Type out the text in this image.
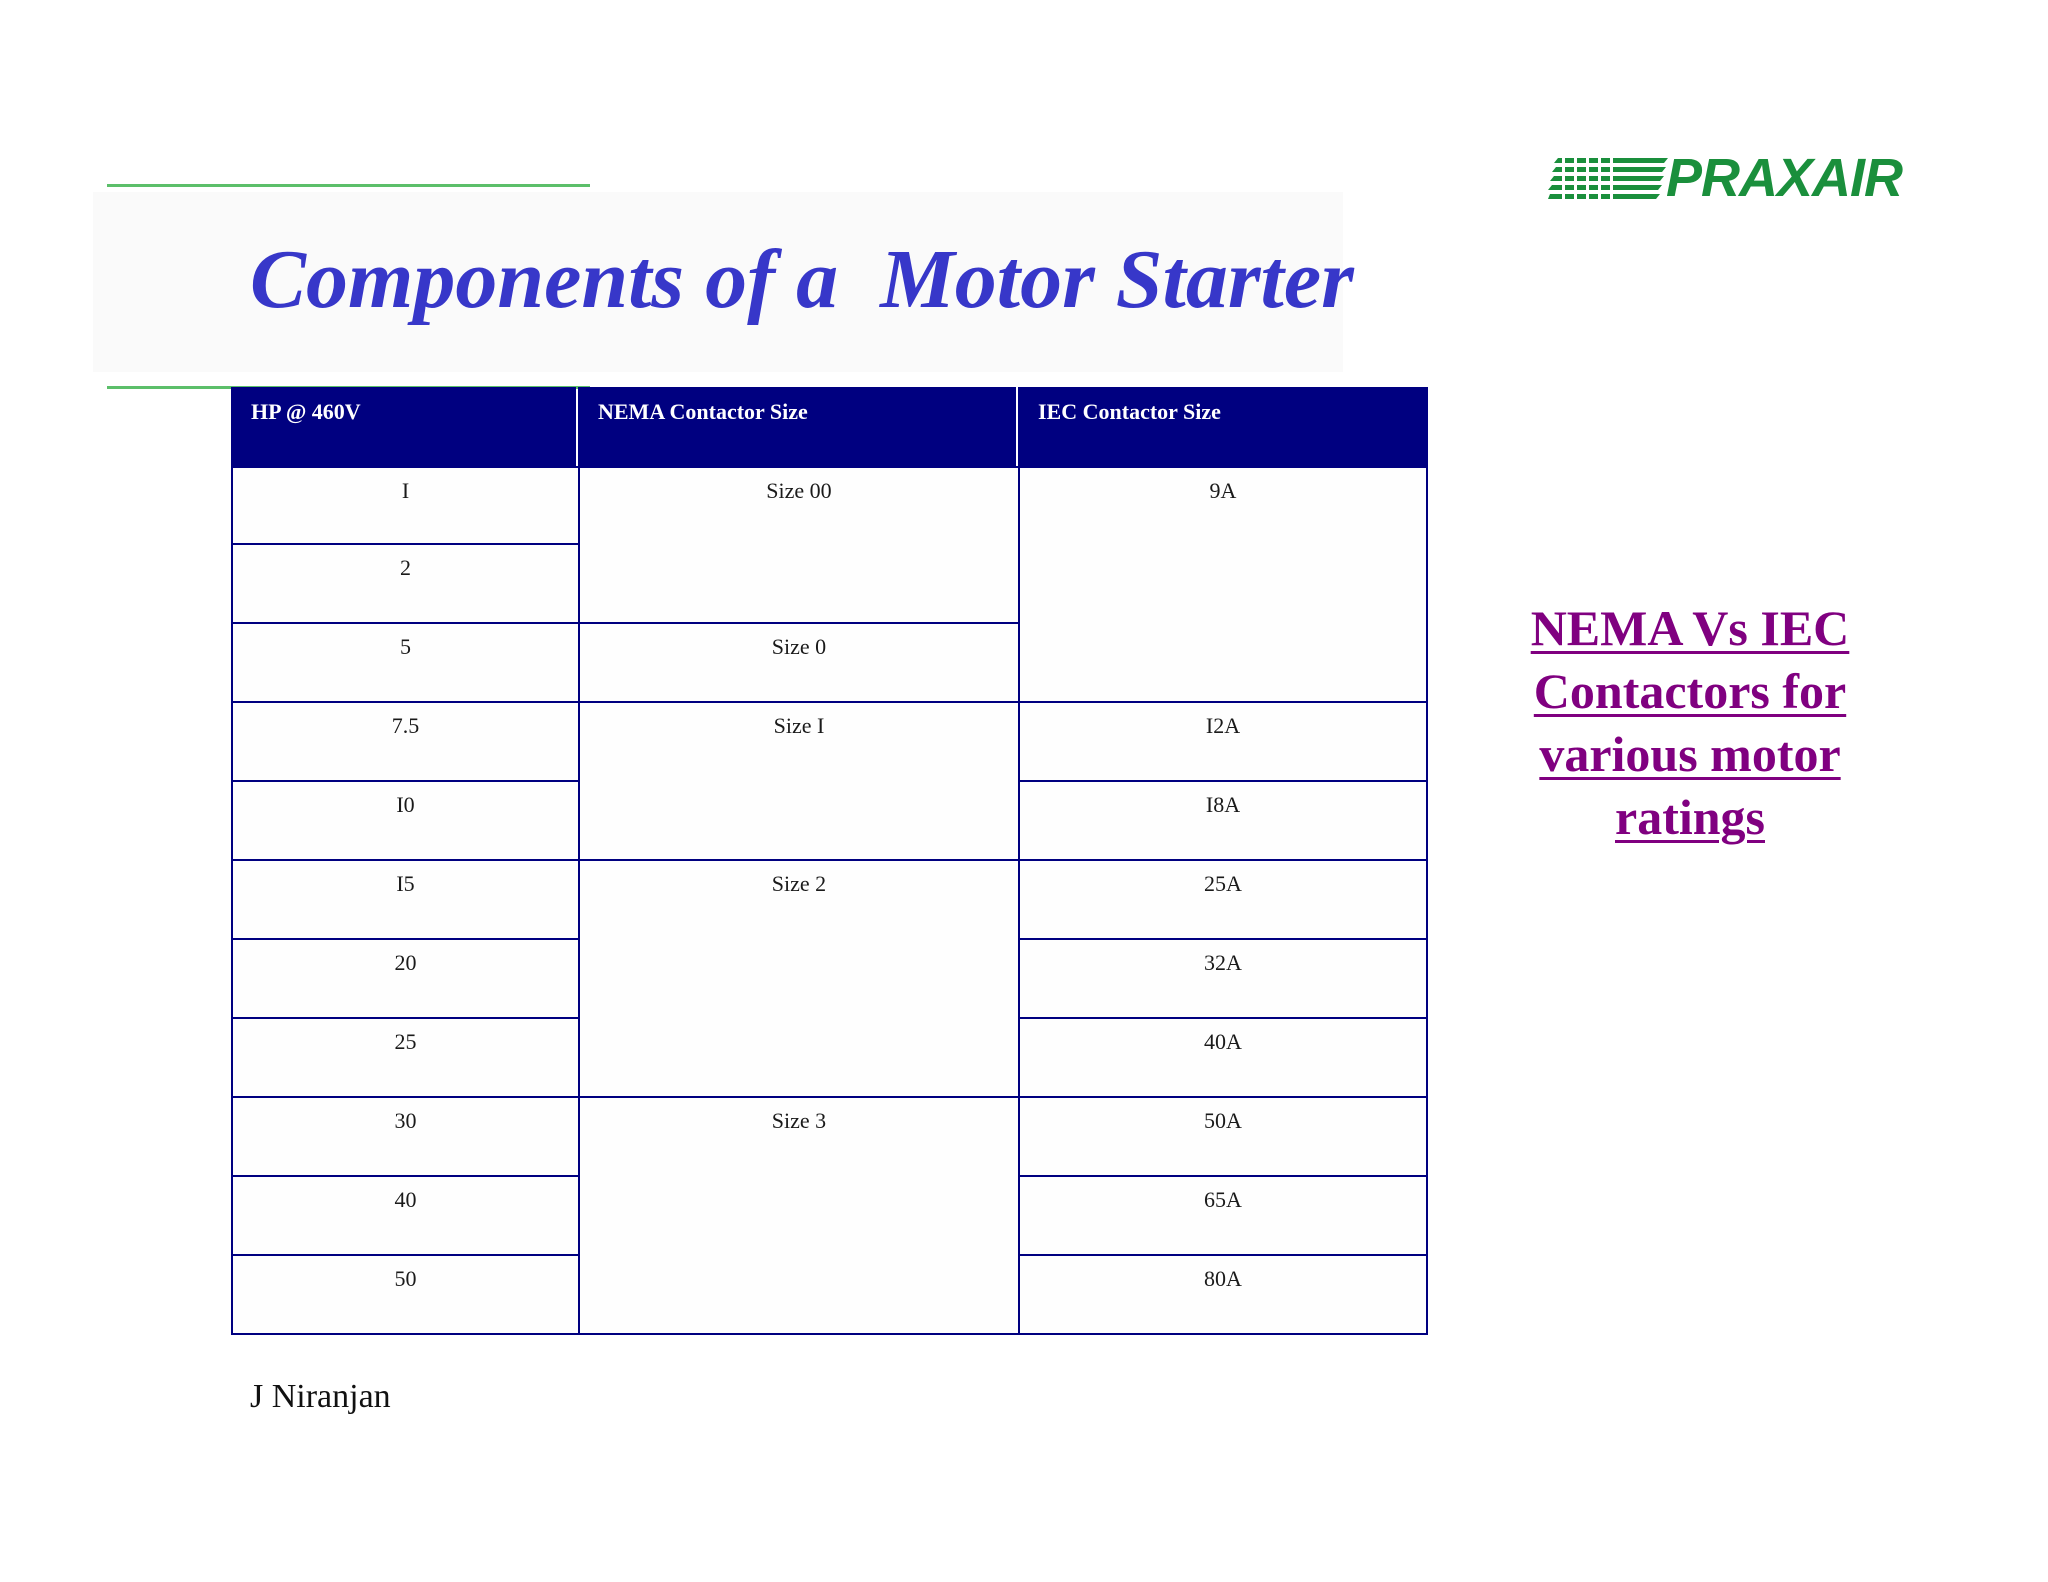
PRAXAIR
Components of a  Motor Starter
HP @ 460V	NEMA Contactor Size	IEC Contactor Size
I
2
5
7.5
I0
I5
20
25
30
40
50
Size 00
Size 0
Size I
Size 2
Size 3
9A
I2A
I8A
25A
32A
40A
50A
65A
80A
NEMA Vs IEC
Contactors for
various motor
ratings
J Niranjan
